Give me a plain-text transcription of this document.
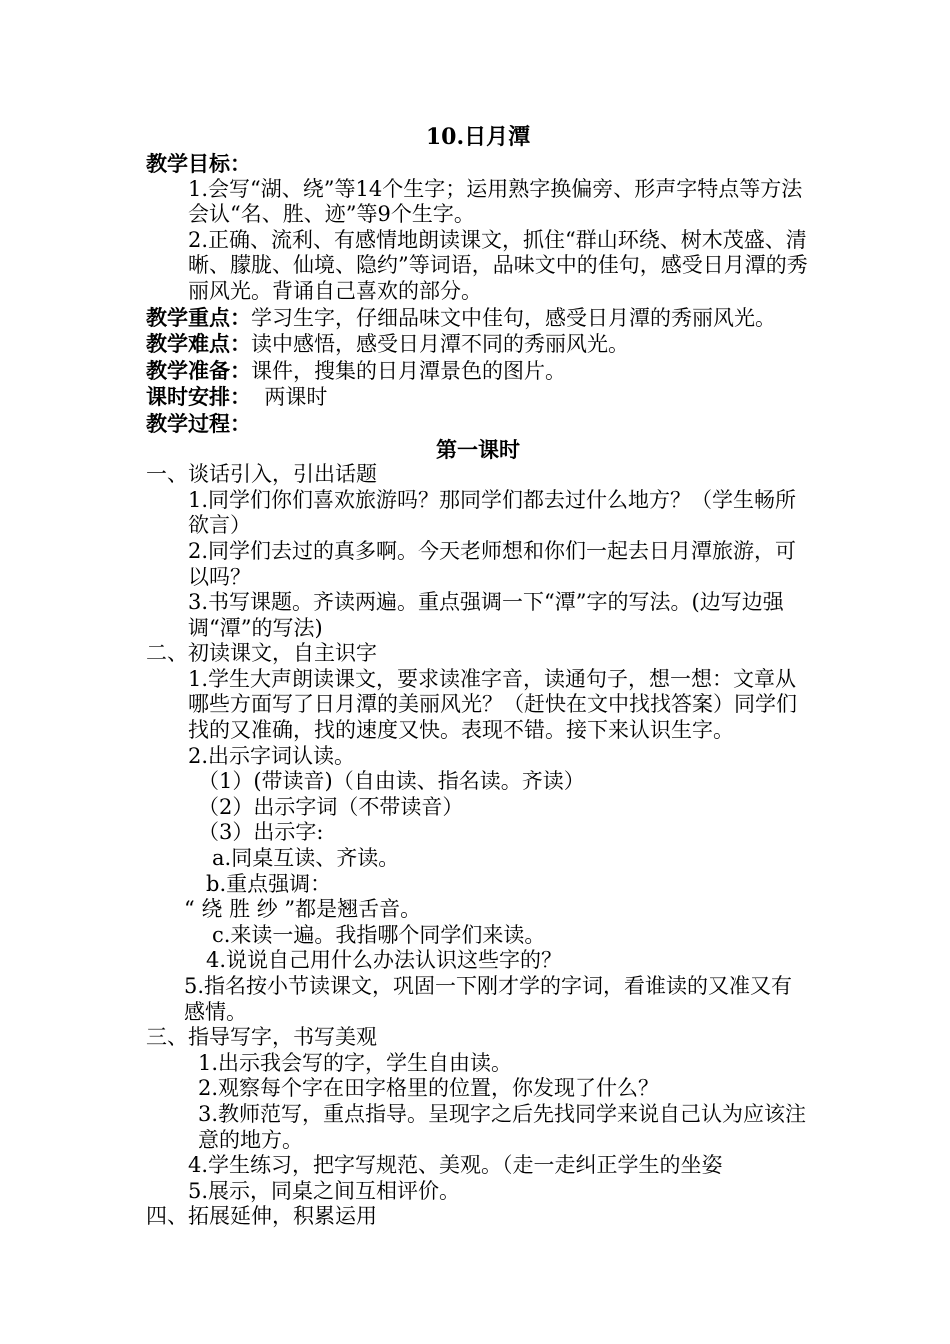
10.日月潭

教学目标：

1.会写“湖、绕”等14个生字；运用熟字换偏旁、形声字特点等方法会认“名、胜、迹”等9个生字。

2.正确、流利、有感情地朗读课文，抓住“群山环绕、树木茂盛、清晰、朦胧、仙境、隐约”等词语，品味文中的佳句，感受日月潭的秀丽风光。背诵自己喜欢的部分。

教学重点：学习生字，仔细品味文中佳句，感受日月潭的秀丽风光。

教学难点：读中感悟，感受日月潭不同的秀丽风光。

教学准备：课件，搜集的日月潭景色的图片。

课时安排： 两课时

教学过程：

第一课时

一、谈话引入，引出话题

1.同学们你们喜欢旅游吗？那同学们都去过什么地方？（学生畅所欲言）

2.同学们去过的真多啊。今天老师想和你们一起去日月潭旅游，可以吗？

3.书写课题。齐读两遍。重点强调一下“潭”字的写法。(边写边强调“潭”的写法)

二、初读课文，自主识字

1.学生大声朗读课文，要求读准字音，读通句子，想一想：文章从哪些方面写了日月潭的美丽风光？（赶快在文中找找答案）同学们找的又准确，找的速度又快。表现不错。接下来认识生字。

2.出示字词认读。

（1）(带读音)（自由读、指名读。齐读）

（2）出示字词（不带读音）

（3）出示字:

a.同桌互读、齐读。

b.重点强调：

“ 绕 胜 纱 ”都是翘舌音。

c.来读一遍。我指哪个同学们来读。

4.说说自己用什么办法认识这些字的？

5.指名按小节读课文，巩固一下刚才学的字词，看谁读的又准又有感情。

三、指导写字，书写美观

1.出示我会写的字，学生自由读。

2.观察每个字在田字格里的位置，你发现了什么？

3.教师范写，重点指导。呈现字之后先找同学来说自己认为应该注意的地方。

4.学生练习，把字写规范、美观。（走一走纠正学生的坐姿

5.展示，同桌之间互相评价。

四、拓展延伸，积累运用
